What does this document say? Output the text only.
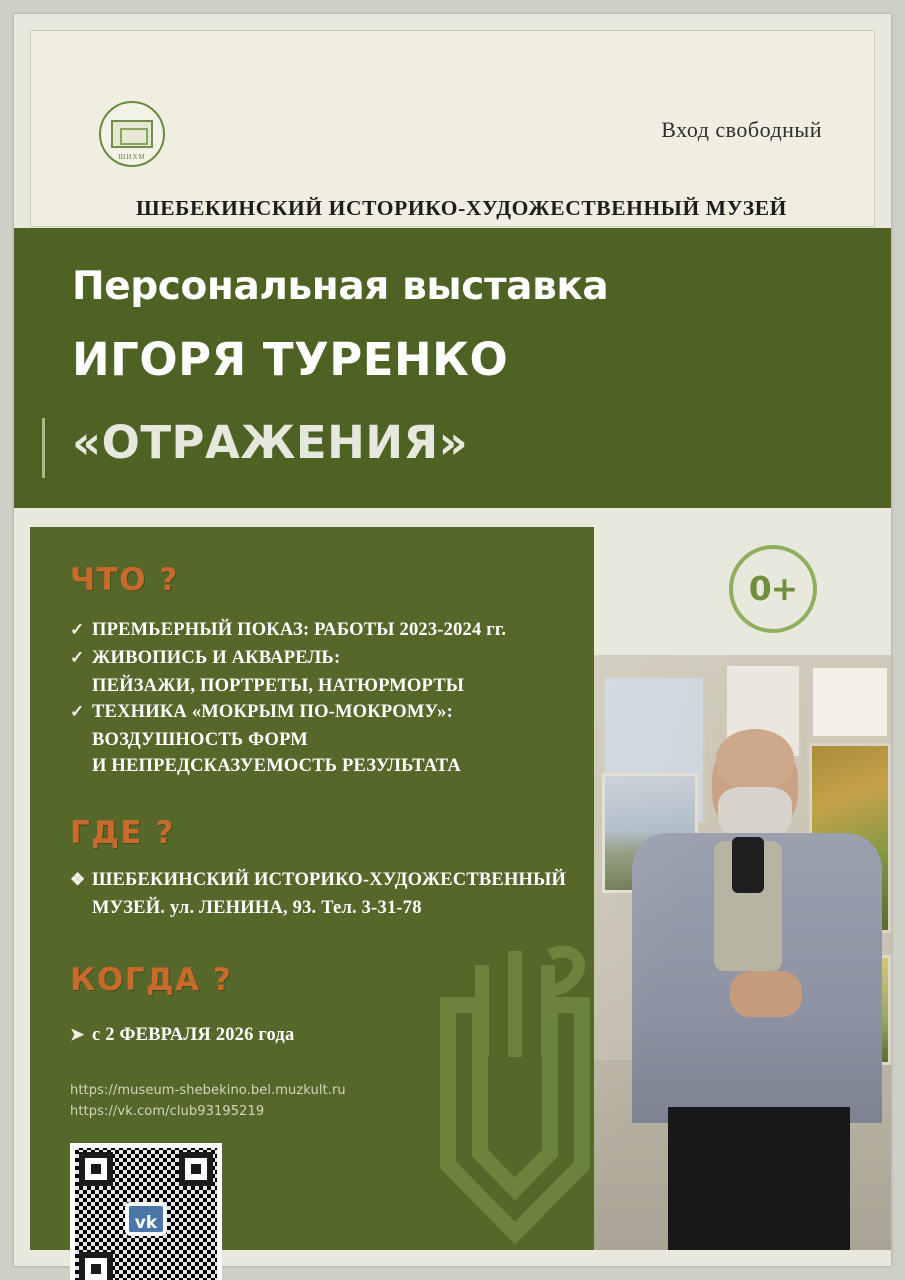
ШИХМ
Вход свободный
ШЕБЕКИНСКИЙ ИСТОРИКО-ХУДОЖЕСТВЕННЫЙ МУЗЕЙ
Персональная выставка
ИГОРЯ ТУРЕНКО
«ОТРАЖЕНИЯ»
0+
ЧТО ?
✓ ПРЕМЬЕРНЫЙ ПОКАЗ: РАБОТЫ 2023-2024 гг.
✓ ЖИВОПИСЬ И АКВАРЕЛЬ:
ПЕЙЗАЖИ, ПОРТРЕТЫ, НАТЮРМОРТЫ
✓ ТЕХНИКА «МОКРЫМ ПО-МОКРОМУ»:
ВОЗДУШНОСТЬ ФОРМ
И НЕПРЕДСКАЗУЕМОСТЬ РЕЗУЛЬТАТА
ГДЕ ?
❖ ШЕБЕКИНСКИЙ ИСТОРИКО-ХУДОЖЕСТВЕННЫЙ
МУЗЕЙ. ул. ЛЕНИНА, 93. Тел. 3-31-78
КОГДА ?
➤ с 2 ФЕВРАЛЯ 2026 года
https://museum-shebekino.bel.muzkult.ru
https://vk.com/club93195219
vk
